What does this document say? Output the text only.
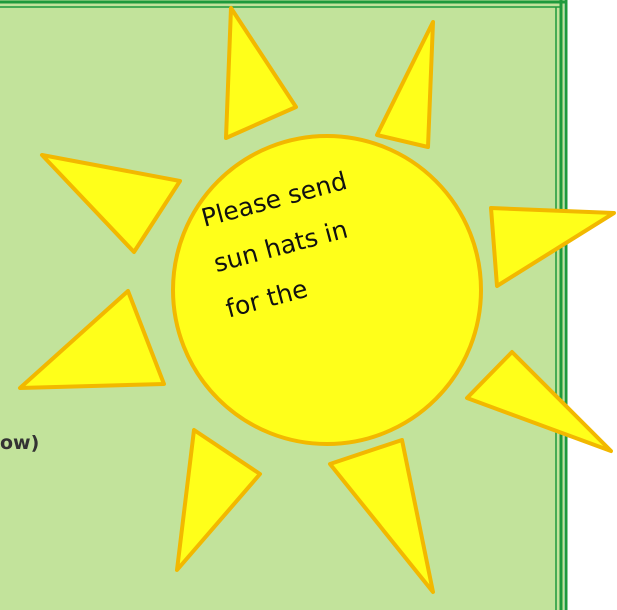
ow)

Please send
sun hats in
for the
